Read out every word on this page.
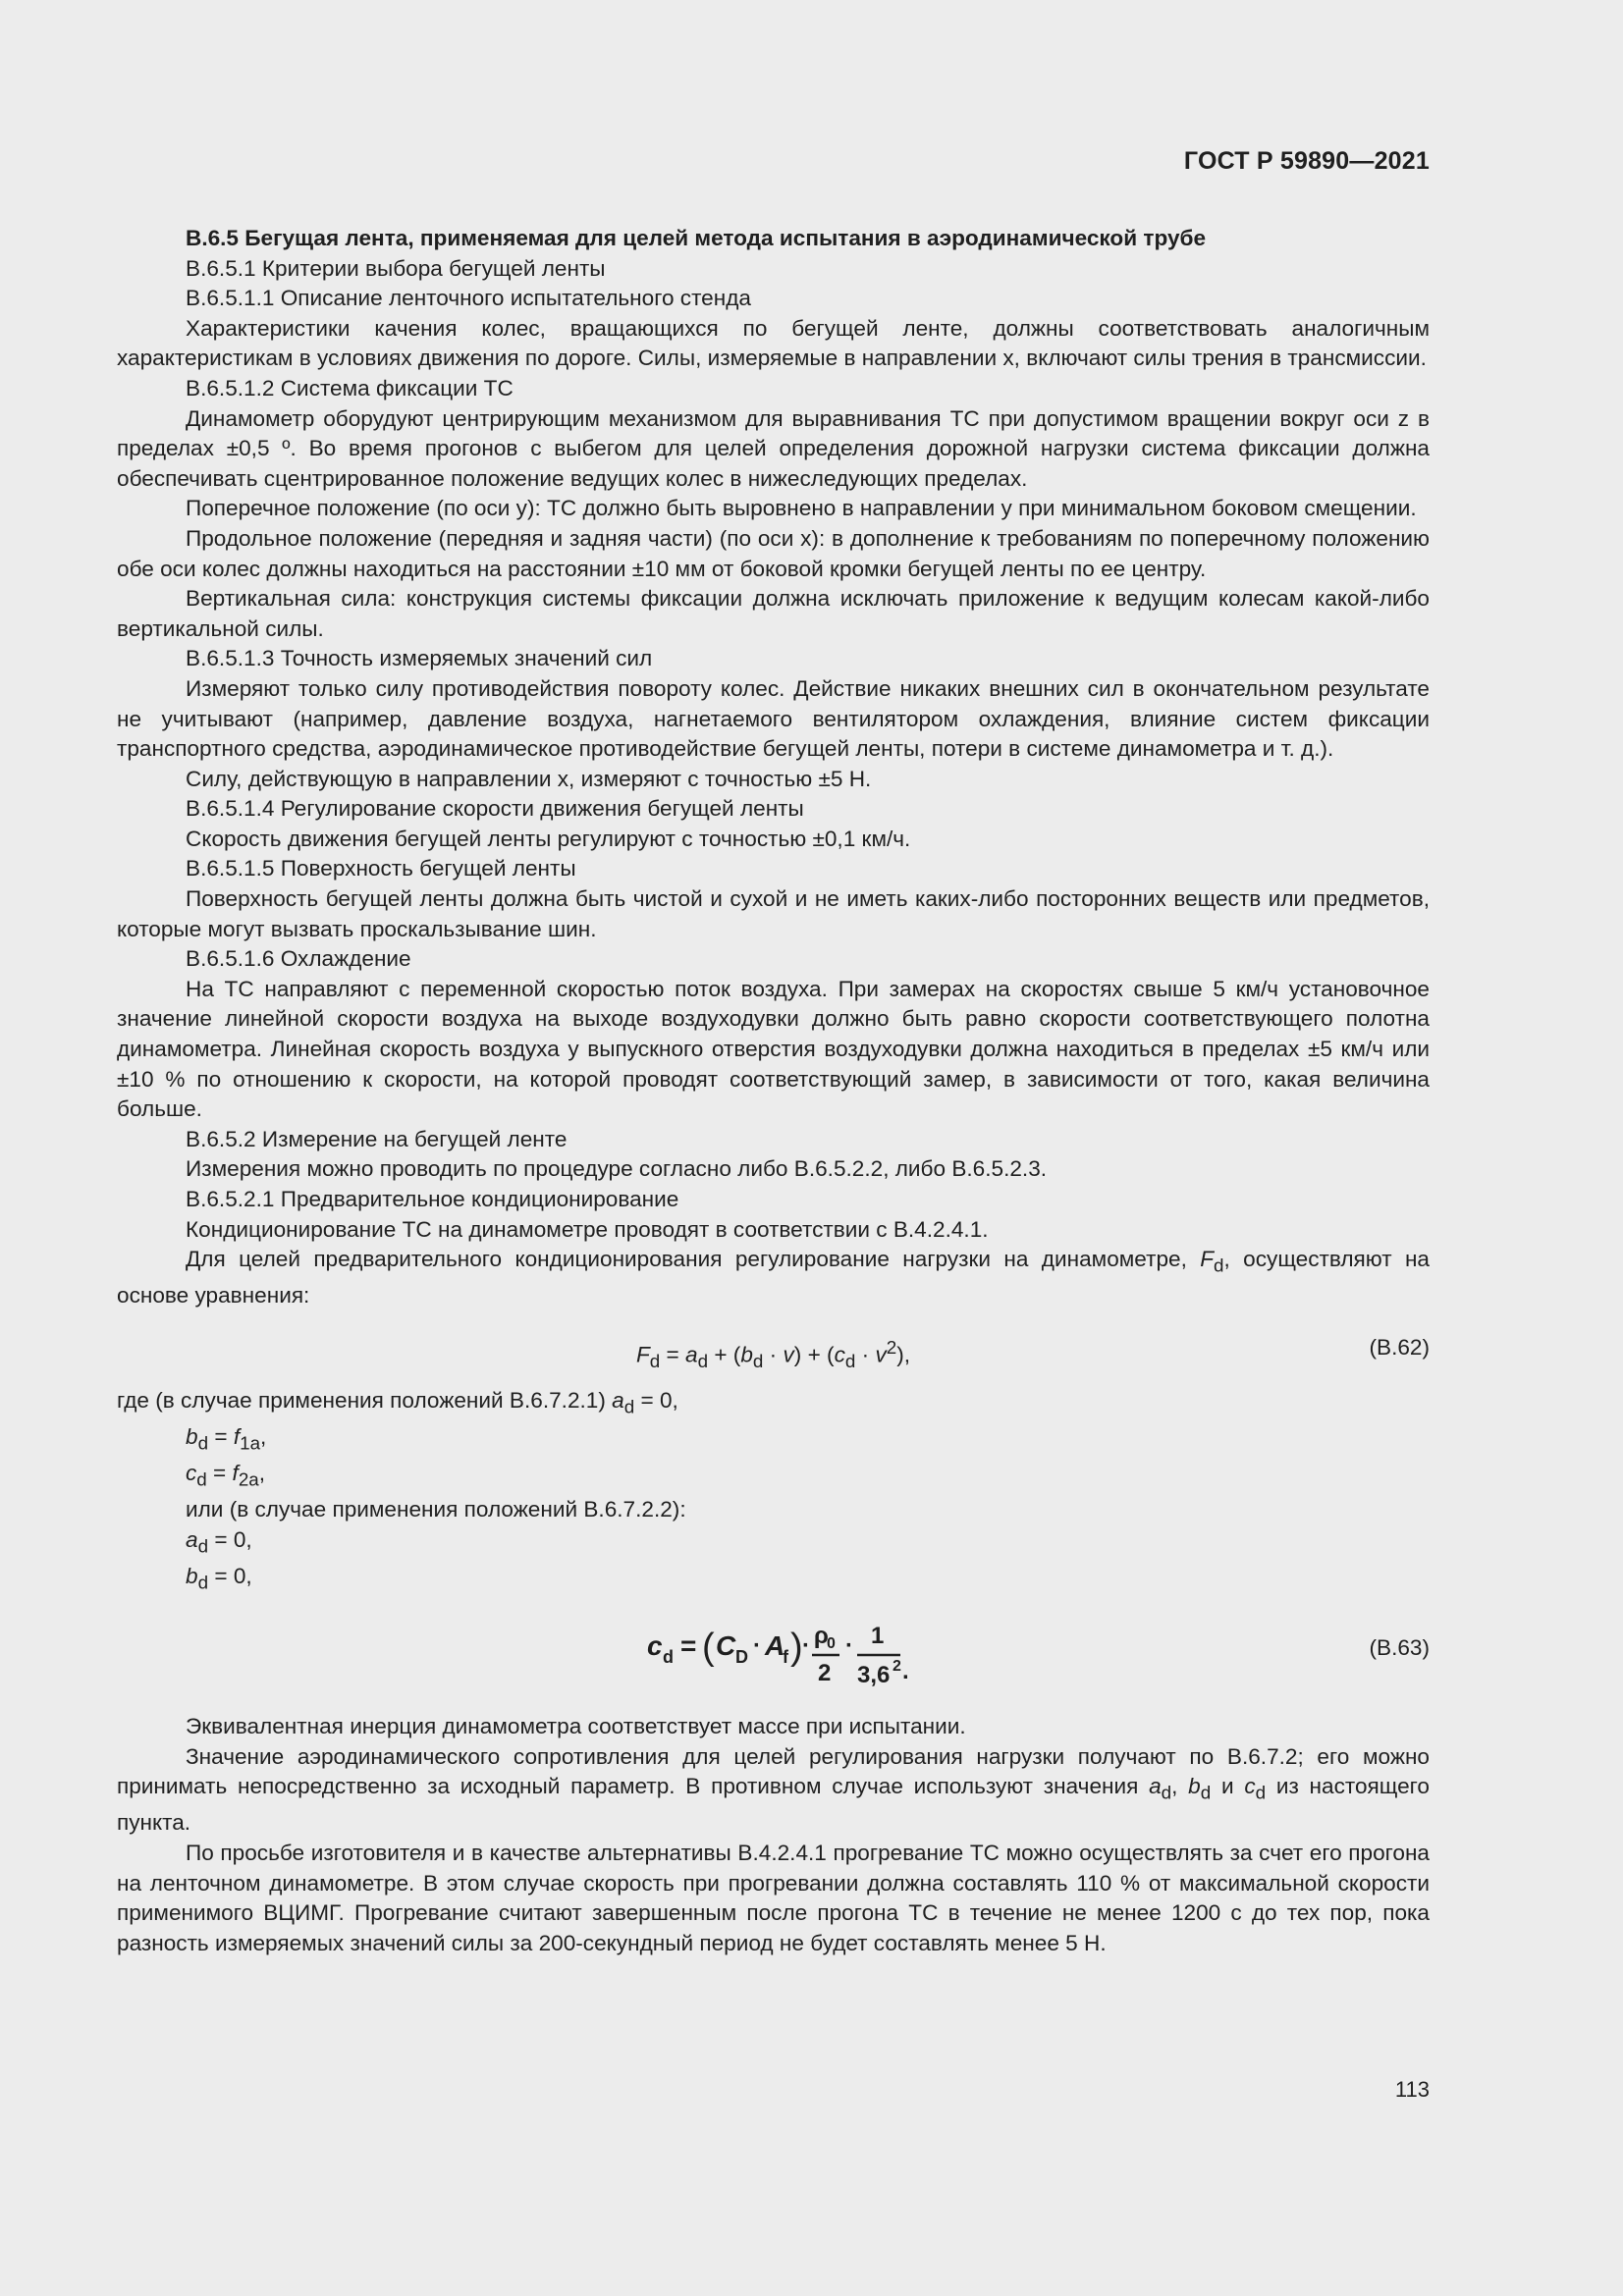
ГОСТ Р 59890—2021

В.6.5 Бегущая лента, применяемая для целей метода испытания в аэродинамической трубе

В.6.5.1 Критерии выбора бегущей ленты

В.6.5.1.1 Описание ленточного испытательного стенда

Характеристики качения колес, вращающихся по бегущей ленте, должны соответствовать аналогичным характеристикам в условиях движения по дороге. Силы, измеряемые в направлении x, включают силы трения в трансмиссии.

В.6.5.1.2 Система фиксации ТС

Динамометр оборудуют центрирующим механизмом для выравнивания ТС при допустимом вращении вокруг оси z в пределах ±0,5 º. Во время прогонов с выбегом для целей определения дорожной нагрузки система фиксации должна обеспечивать сцентрированное положение ведущих колес в нижеследующих пределах.

Поперечное положение (по оси y): ТС должно быть выровнено в направлении y при минимальном боковом смещении.

Продольное положение (передняя и задняя части) (по оси x): в дополнение к требованиям по поперечному положению обе оси колес должны находиться на расстоянии ±10 мм от боковой кромки бегущей ленты по ее центру.

Вертикальная сила: конструкция системы фиксации должна исключать приложение к ведущим колесам какой-либо вертикальной силы.

В.6.5.1.3 Точность измеряемых значений сил

Измеряют только силу противодействия повороту колес. Действие никаких внешних сил в окончательном результате не учитывают (например, давление воздуха, нагнетаемого вентилятором охлаждения, влияние систем фиксации транспортного средства, аэродинамическое противодействие бегущей ленты, потери в системе динамометра и т. д.).

Силу, действующую в направлении x, измеряют с точностью ±5 Н.

В.6.5.1.4 Регулирование скорости движения бегущей ленты

Скорость движения бегущей ленты регулируют с точностью ±0,1 км/ч.

В.6.5.1.5 Поверхность бегущей ленты

Поверхность бегущей ленты должна быть чистой и сухой и не иметь каких-либо посторонних веществ или предметов, которые могут вызвать проскальзывание шин.

В.6.5.1.6 Охлаждение

На ТС направляют с переменной скоростью поток воздуха. При замерах на скоростях свыше 5 км/ч установочное значение линейной скорости воздуха на выходе воздуходувки должно быть равно скорости соответствующего полотна динамометра. Линейная скорость воздуха у выпускного отверстия воздуходувки должна находиться в пределах ±5 км/ч или ±10 % по отношению к скорости, на которой проводят соответствующий замер, в зависимости от того, какая величина больше.

В.6.5.2 Измерение на бегущей ленте

Измерения можно проводить по процедуре согласно либо В.6.5.2.2, либо В.6.5.2.3.

В.6.5.2.1 Предварительное кондиционирование

Кондиционирование ТС на динамометре проводят в соответствии с В.4.2.4.1.

Для целей предварительного кондиционирования регулирование нагрузки на динамометре, $F_d$, осуществляют на основе уравнения:

$F_d = a_d + (b_d \cdot v) + (c_d \cdot v^2)$,	(В.62)

где (в случае применения положений В.6.7.2.1) $a_d = 0$,

$b_d = f_{1a}$,

$c_d = f_{2a}$,

или (в случае применения положений В.6.7.2.2):

$a_d = 0$,

$b_d = 0$,

c d = ( C D · A
f ) · ρ
0
2
· 1
3,6 2 .
(В.63)

Эквивалентная инерция динамометра соответствует массе при испытании.

Значение аэродинамического сопротивления для целей регулирования нагрузки получают по В.6.7.2; его можно принимать непосредственно за исходный параметр. В противном случае используют значения $a_d$, $b_d$ и $c_d$ из настоящего пункта.

По просьбе изготовителя и в качестве альтернативы В.4.2.4.1 прогревание ТС можно осуществлять за счет его прогона на ленточном динамометре. В этом случае скорость при прогревании должна составлять 110 % от максимальной скорости применимого ВЦИМГ. Прогревание считают завершенным после прогона ТС в течение не менее 1200 с до тех пор, пока разность измеряемых значений силы за 200-секундный период не будет составлять менее 5 Н.

113
